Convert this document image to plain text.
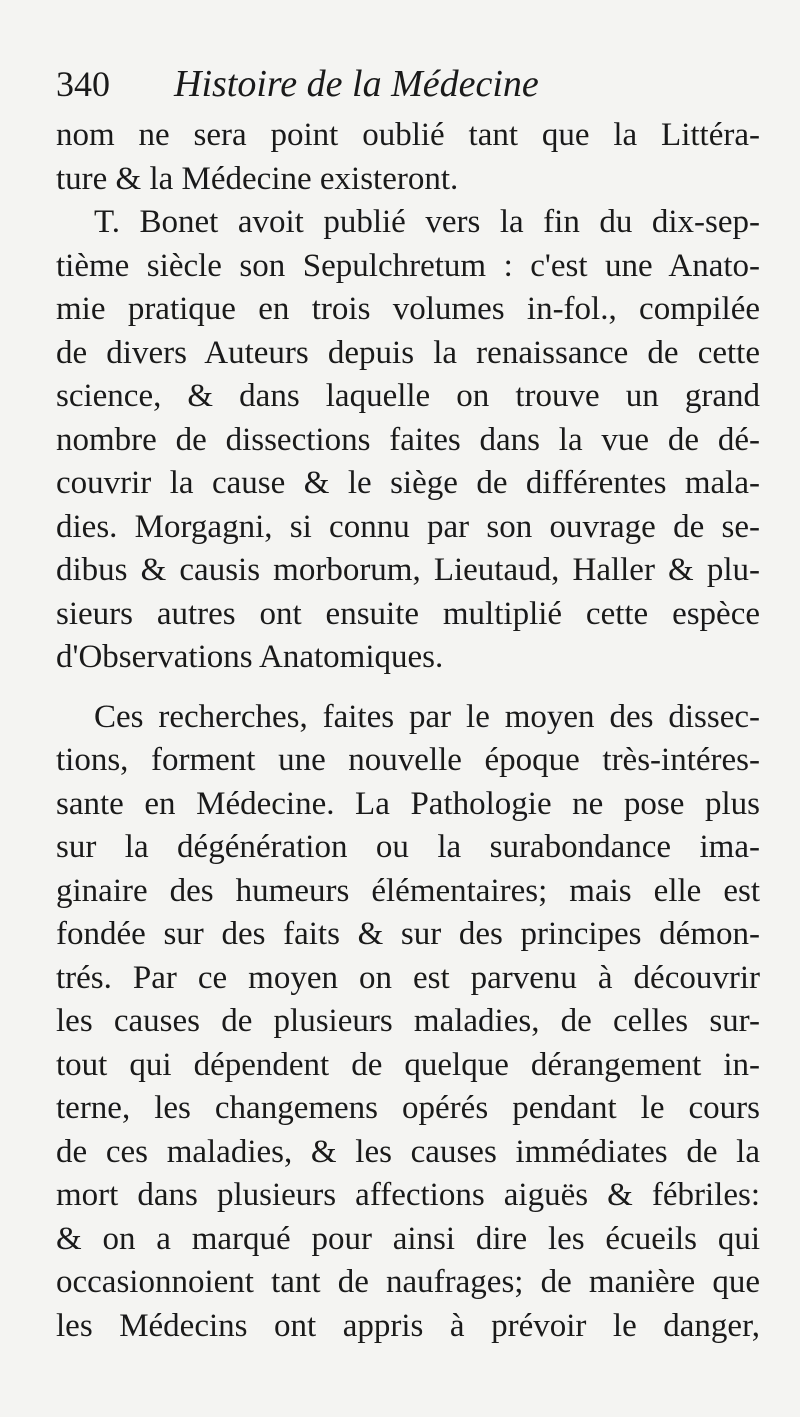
340	Histoire de la Médecine
nom ne sera point oublié tant que la Littéra-
ture & la Médecine existeront.
T. Bonet avoit publié vers la fin du dix-sep-
tième siècle son Sepulchretum : c'est une Anato-
mie pratique en trois volumes in-fol., compilée
de divers Auteurs depuis la renaissance de cette
science, & dans laquelle on trouve un grand
nombre de dissections faites dans la vue de dé-
couvrir la cause & le siège de différentes mala-
dies. Morgagni, si connu par son ouvrage de se-
dibus & causis morborum, Lieutaud, Haller & plu-
sieurs autres ont ensuite multiplié cette espèce
d'Observations Anatomiques.
Ces recherches, faites par le moyen des dissec-
tions, forment une nouvelle époque très-intéres-
sante en Médecine. La Pathologie ne pose plus
sur la dégénération ou la surabondance ima-
ginaire des humeurs élémentaires; mais elle est
fondée sur des faits & sur des principes démon-
trés. Par ce moyen on est parvenu à découvrir
les causes de plusieurs maladies, de celles sur-
tout qui dépendent de quelque dérangement in-
terne, les changemens opérés pendant le cours
de ces maladies, & les causes immédiates de la
mort dans plusieurs affections aiguës & fébriles:
& on a marqué pour ainsi dire les écueils qui
occasionnoient tant de naufrages; de manière que
les Médecins ont appris à prévoir le danger,
